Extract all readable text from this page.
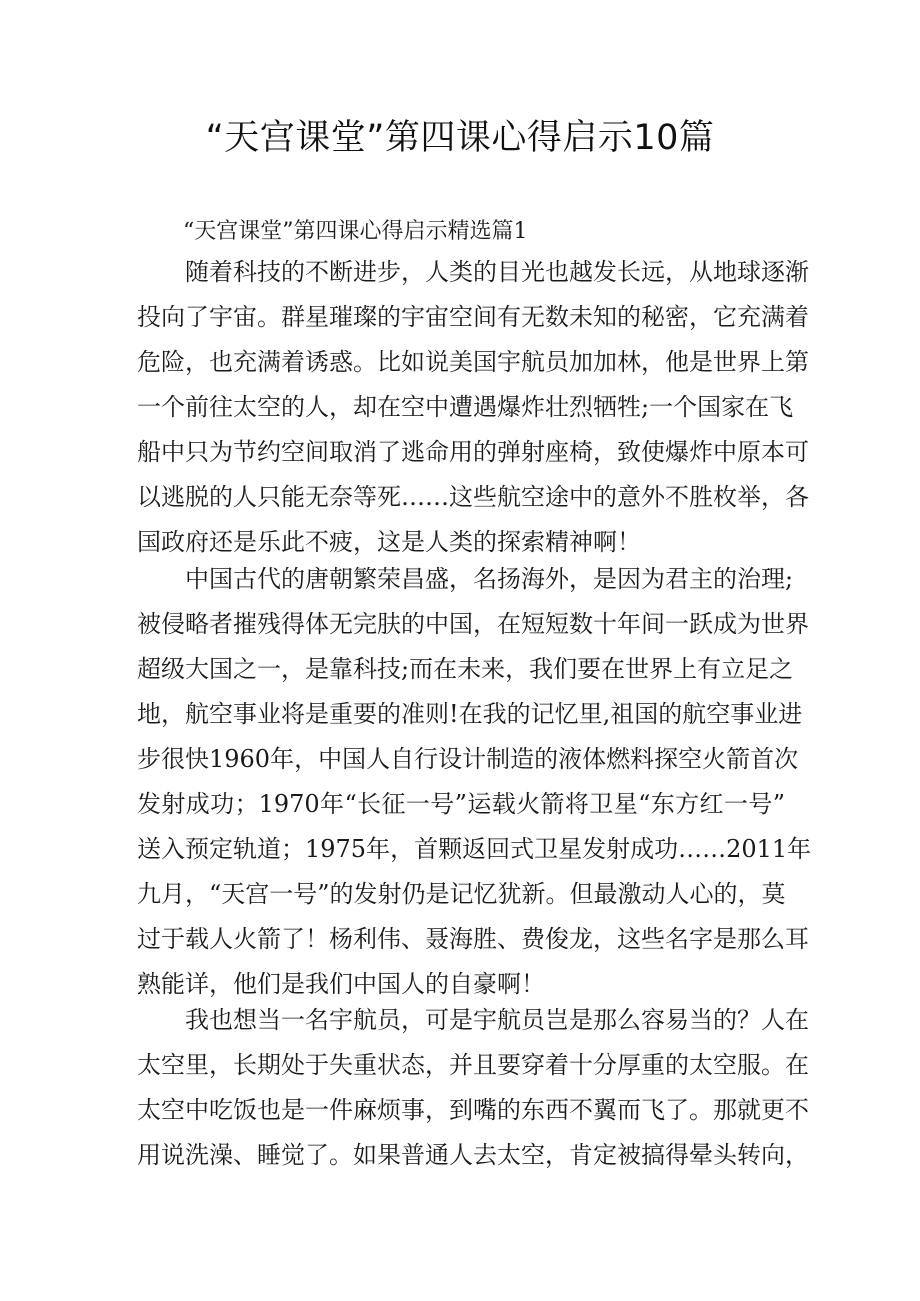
“天宫课堂”第四课心得启示10篇
“天宫课堂”第四课心得启示精选篇1
随着科技的不断进步，人类的目光也越发长远，从地球逐渐
投向了宇宙。群星璀璨的宇宙空间有无数未知的秘密，它充满着
危险，也充满着诱惑。比如说美国宇航员加加林，他是世界上第
一个前往太空的人，却在空中遭遇爆炸壮烈牺牲;一个国家在飞
船中只为节约空间取消了逃命用的弹射座椅，致使爆炸中原本可
以逃脱的人只能无奈等死……这些航空途中的意外不胜枚举，各
国政府还是乐此不疲，这是人类的探索精神啊！
中国古代的唐朝繁荣昌盛，名扬海外，是因为君主的治理;
被侵略者摧残得体无完肤的中国，在短短数十年间一跃成为世界
超级大国之一，是靠科技;而在未来，我们要在世界上有立足之
地，航空事业将是重要的准则!在我的记忆里,祖国的航空事业进
步很快1960年，中国人自行设计制造的液体燃料探空火箭首次
发射成功；1970年“长征一号”运载火箭将卫星“东方红一号”
送入预定轨道；1975年，首颗返回式卫星发射成功……2011年
九月，“天宫一号”的发射仍是记忆犹新。但最激动人心的，莫
过于载人火箭了！杨利伟、聂海胜、费俊龙，这些名字是那么耳
熟能详，他们是我们中国人的自豪啊！
我也想当一名宇航员，可是宇航员岂是那么容易当的？人在
太空里，长期处于失重状态，并且要穿着十分厚重的太空服。在
太空中吃饭也是一件麻烦事，到嘴的东西不翼而飞了。那就更不
用说洗澡、睡觉了。如果普通人去太空，肯定被搞得晕头转向，
